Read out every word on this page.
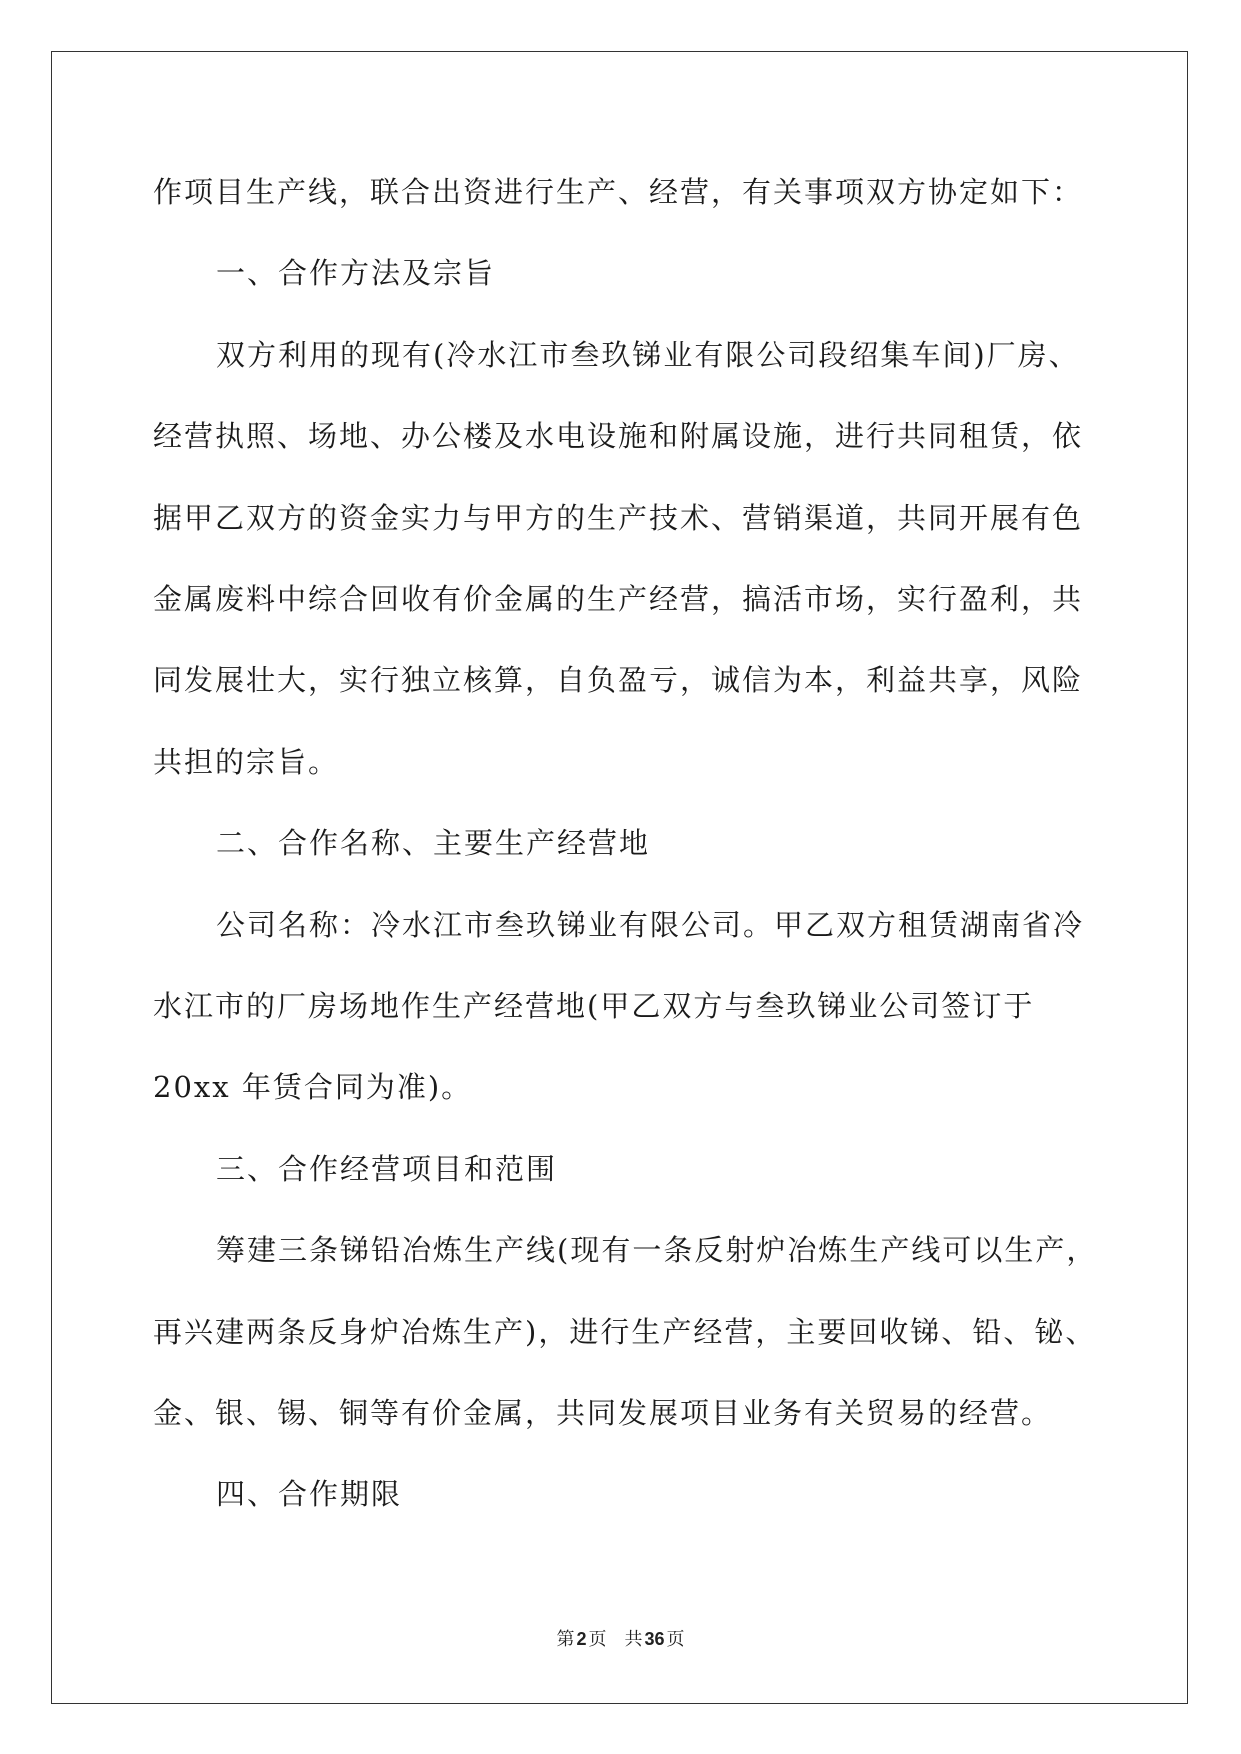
作项目生产线，联合出资进行生产、经营，有关事项双方协定如下：
一、合作方法及宗旨
双方利用的现有(冷水江市叁玖锑业有限公司段绍集车间)厂房、
经营执照、场地、办公楼及水电设施和附属设施，进行共同租赁，依
据甲乙双方的资金实力与甲方的生产技术、营销渠道，共同开展有色
金属废料中综合回收有价金属的生产经营，搞活市场，实行盈利，共
同发展壮大，实行独立核算，自负盈亏，诚信为本，利益共享，风险
共担的宗旨。
二、合作名称、主要生产经营地
公司名称：冷水江市叁玖锑业有限公司。甲乙双方租赁湖南省冷
水江市的厂房场地作生产经营地(甲乙双方与叁玖锑业公司签订于
20xx 年赁合同为准)。
三、合作经营项目和范围
筹建三条锑铅冶炼生产线(现有一条反射炉冶炼生产线可以生产，
再兴建两条反身炉冶炼生产)，进行生产经营，主要回收锑、铅、铋、
金、银、锡、铜等有价金属，共同发展项目业务有关贸易的经营。
四、合作期限
第 2 页 共 36 页
